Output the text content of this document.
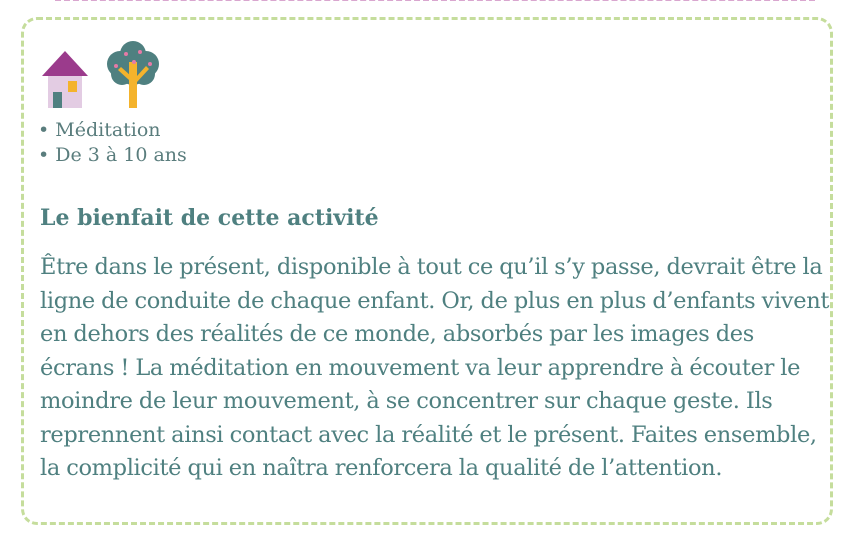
• Méditation
• De 3 à 10 ans
Le bienfait de cette activité

Être dans le présent, disponible à tout ce qu’il s’y passe, devrait être la ligne de conduite de chaque enfant. Or, de plus en plus d’enfants vivent en dehors des réalités de ce monde, absorbés par les images des écrans ! La méditation en mouvement va leur apprendre à écouter le moindre de leur mouvement, à se concentrer sur chaque geste. Ils reprennent ainsi contact avec la réalité et le présent. Faites ensemble, la complicité qui en naîtra renforcera la qualité de l’attention.
